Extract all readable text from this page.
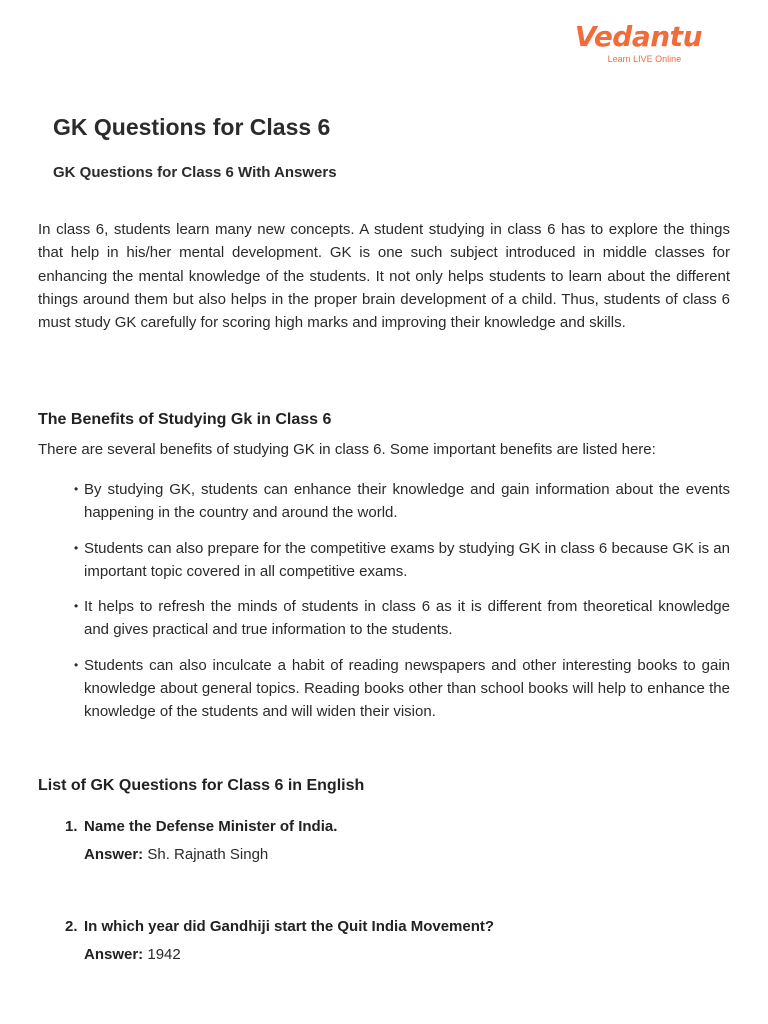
Vedantu
Learn LIVE Online
GK Questions for Class 6
GK Questions for Class 6 With Answers

In class 6, students learn many new concepts. A student studying in class 6 has to explore the things that help in his/her mental development. GK is one such subject introduced in middle classes for enhancing the mental knowledge of the students. It not only helps students to learn about the different things around them but also helps in the proper brain development of a child. Thus, students of class 6 must study GK carefully for scoring high marks and improving their knowledge and skills.

The Benefits of Studying Gk in Class 6

There are several benefits of studying GK in class 6. Some important benefits are listed here:

• By studying GK, students can enhance their knowledge and gain information about the events happening in the country and around the world.
• Students can also prepare for the competitive exams by studying GK in class 6 because GK is an important topic covered in all competitive exams.
• It helps to refresh the minds of students in class 6 as it is different from theoretical knowledge and gives practical and true information to the students.
• Students can also inculcate a habit of reading newspapers and other interesting books to gain knowledge about general topics. Reading books other than school books will help to enhance the knowledge of the students and will widen their vision.
List of GK Questions for Class 6 in English
1. Name the Defense Minister of India.
Answer: Sh. Rajnath Singh
2. In which year did Gandhiji start the Quit India Movement?
Answer: 1942
